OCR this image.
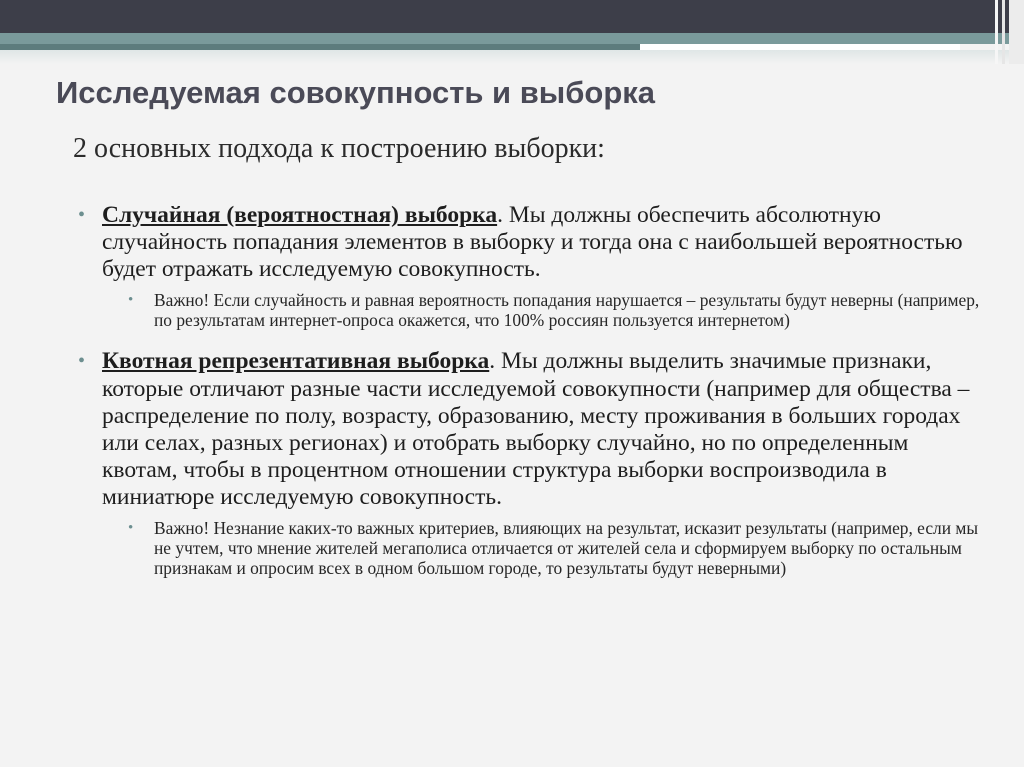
Исследуемая совокупность и выборка

2 основных подхода к построению выборки:

• Случайная (вероятностная) выборка. Мы должны обеспечить абсолютную случайность попадания элементов в выборку и тогда она с наибольшей вероятностью будет отражать исследуемую совокупность.
• Важно! Если случайность и равная вероятность попадания нарушается – результаты будут неверны (например, по результатам интернет-опроса окажется, что 100% россиян пользуется интернетом)
• Квотная репрезентативная выборка. Мы должны выделить значимые признаки, которые отличают разные части исследуемой совокупности (например для общества – распределение по полу, возрасту, образованию, месту проживания в больших городах или селах, разных регионах) и отобрать выборку случайно, но по определенным квотам, чтобы в процентном отношении структура выборки воспроизводила в миниатюре исследуемую совокупность.
• Важно! Незнание каких-то важных критериев, влияющих на результат, исказит результаты (например, если мы не учтем, что мнение жителей мегаполиса отличается от жителей села и сформируем выборку по остальным признакам и опросим всех в одном большом городе, то результаты будут неверными)
